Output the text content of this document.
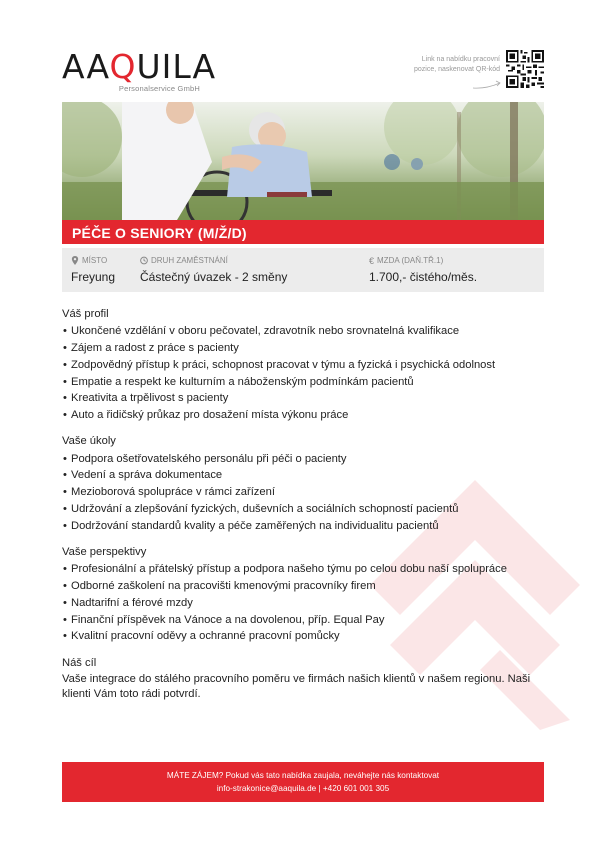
AAQUILA
Personalservice GmbH
Link na nabídku pracovní pozice, naskenovat QR-kód
PÉČE O SENIORY (M/Ž/D)
MÍSTO
Freyung
DRUH ZAMĚSTNÁNÍ
Částečný úvazek - 2 směny
€ MZDA (DAŇ.TŘ.1)
1.700,- čistého/měs.

Váš profil

• Ukončené vzdělání v oboru pečovatel, zdravotník nebo srovnatelná kvalifikace
• Zájem a radost z práce s pacienty
• Zodpovědný přístup k práci, schopnost pracovat v týmu a fyzická i psychická odolnost
• Empatie a respekt ke kulturním a náboženským podmínkám pacientů
• Kreativita a trpělivost s pacienty
• Auto a řidičský průkaz pro dosažení místa výkonu práce

Vaše úkoly

• Podpora ošetřovatelského personálu při péči o pacienty
• Vedení a správa dokumentace
• Mezioborová spolupráce v rámci zařízení
• Udržování a zlepšování fyzických, duševních a sociálních schopností pacientů
• Dodržování standardů kvality a péče zaměřených na individualitu pacientů

Vaše perspektivy

• Profesionální a přátelský přístup a podpora našeho týmu po celou dobu naší spolupráce
• Odborné zaškolení na pracovišti kmenovými pracovníky firem
• Nadtarifní a férové mzdy
• Finanční příspěvek na Vánoce a na dovolenou, příp. Equal Pay
• Kvalitní pracovní oděvy a ochranné pracovní pomůcky

Náš cíl

Vaše integrace do stálého pracovního poměru ve firmách našich klientů v našem regionu. Naši klienti Vám toto rádi potvrdí.

MÁTE ZÁJEM? Pokud vás tato nabídka zaujala, neváhejte nás kontaktovat
info-strakonice@aaquila.de | +420 601 001 305
